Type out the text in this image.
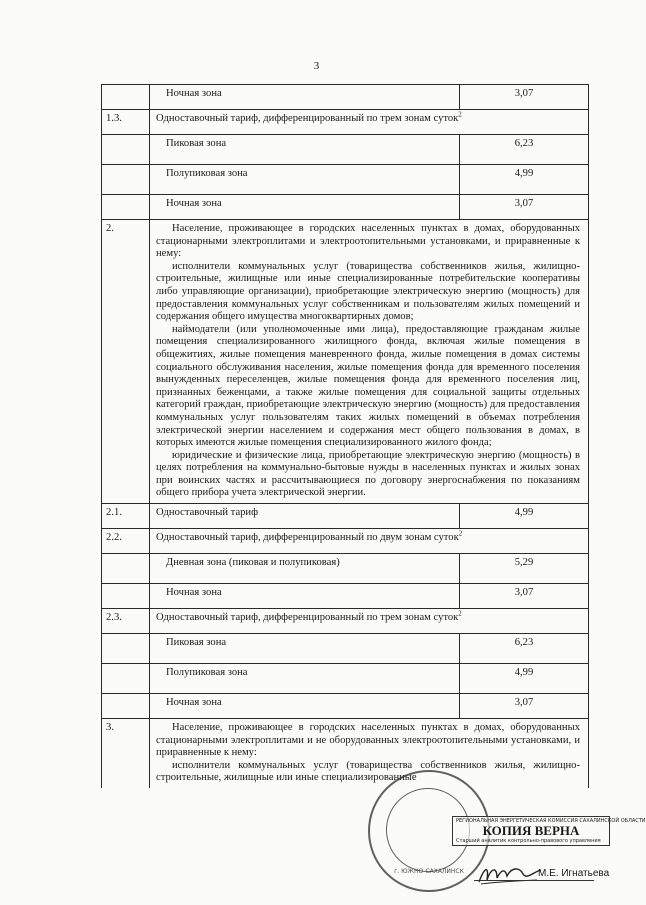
3
	Ночная зона	3,07
1.3.	Одноставочный тариф, дифференцированный по трем зонам суток$^2$
	Пиковая зона	6,23
	Полупиковая зона	4,99
	Ночная зона	3,07
2.	Население, проживающее в городских населенных пунктах в домах, оборудованных стационарными электроплитами и электроотопительными установками, и приравненные к нему:

исполнители коммунальных услуг (товарищества собственников жилья, жилищно-строительные, жилищные или иные специализированные потребительские кооперативы либо управляющие организации), приобретающие электрическую энергию (мощность) для предоставления коммунальных услуг собственникам и пользователям жилых помещений и содержания общего имущества многоквартирных домов;

наймодатели (или уполномоченные ими лица), предоставляющие гражданам жилые помещения специализированного жилищного фонда, включая жилые помещения в общежитиях, жилые помещения маневренного фонда, жилые помещения в домах системы социального обслуживания населения, жилые помещения фонда для временного поселения вынужденных переселенцев, жилые помещения фонда для временного поселения лиц, признанных беженцами, а также жилые помещения для социальной защиты отдельных категорий граждан, приобретающие электрическую энергию (мощность) для предоставления коммунальных услуг пользователям таких жилых помещений в объемах потребления электрической энергии населением и содержания мест общего пользования в домах, в которых имеются жилые помещения специализированного жилого фонда;

юридические и физические лица, приобретающие электрическую энергию (мощность) в целях потребления на коммунально-бытовые нужды в населенных пунктах и жилых зонах при воинских частях и рассчитывающиеся по договору энергоснабжения по показаниям общего прибора учета электрической энергии.	

2.1.	Одноставочный тариф	4,99
2.2.	Одноставочный тариф, дифференцированный по двум зонам суток$^2$
	Дневная зона (пиковая и полупиковая)	5,29
	Ночная зона	3,07
2.3.	Одноставочный тариф, дифференцированный по трем зонам суток$^2$
	Пиковая зона	6,23
	Полупиковая зона	4,99
	Ночная зона	3,07
3.	Население, проживающее в городских населенных пунктах в домах, оборудованных стационарными электроплитами и не оборудованных электроотопительными установками, и приравненные к нему:

исполнители коммунальных услуг (товарищества собственников жилья, жилищно-строительные, жилищные или иные специализированные	

г. ЮЖНО-САХАЛИНСК
РЕГИОНАЛЬНАЯ ЭНЕРГЕТИЧЕСКАЯ КОМИССИЯ САХАЛИНСКОЙ ОБЛАСТИ
КОПИЯ ВЕРНА
Старший аналитик контрольно-правового управления
М.Е. Игнатьева
